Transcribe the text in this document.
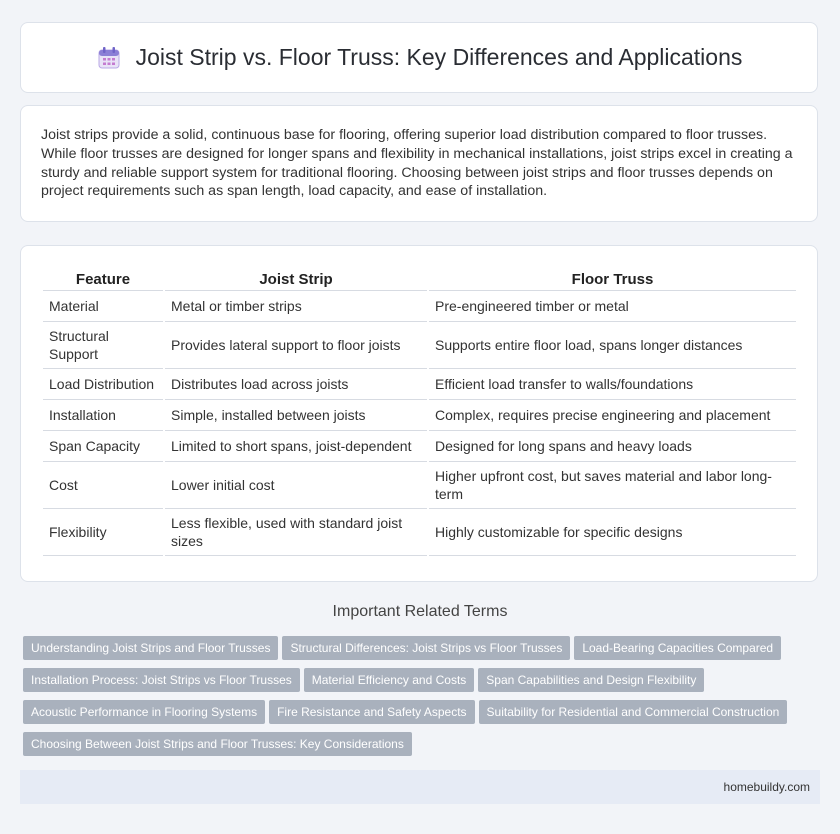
Joist Strip vs. Floor Truss: Key Differences and Applications

Joist strips provide a solid, continuous base for flooring, offering superior load distribution compared to floor trusses. While floor trusses are designed for longer spans and flexibility in mechanical installations, joist strips excel in creating a sturdy and reliable support system for traditional flooring. Choosing between joist strips and floor trusses depends on project requirements such as span length, load capacity, and ease of installation.

Feature	Joist Strip	Floor Truss
Material	Metal or timber strips	Pre-engineered timber or metal
Structural Support	Provides lateral support to floor joists	Supports entire floor load, spans longer distances
Load Distribution	Distributes load across joists	Efficient load transfer to walls/foundations
Installation	Simple, installed between joists	Complex, requires precise engineering and placement
Span Capacity	Limited to short spans, joist-dependent	Designed for long spans and heavy loads
Cost	Lower initial cost	Higher upfront cost, but saves material and labor long-term
Flexibility	Less flexible, used with standard joist sizes	Highly customizable for specific designs
Important Related Terms
Understanding Joist Strips and Floor Trusses Structural Differences: Joist Strips vs Floor Trusses Load-Bearing Capacities Compared
Installation Process: Joist Strips vs Floor Trusses Material Efficiency and Costs Span Capabilities and Design Flexibility
Acoustic Performance in Flooring Systems Fire Resistance and Safety Aspects Suitability for Residential and Commercial Construction
Choosing Between Joist Strips and Floor Trusses: Key Considerations
homebuildy.com
